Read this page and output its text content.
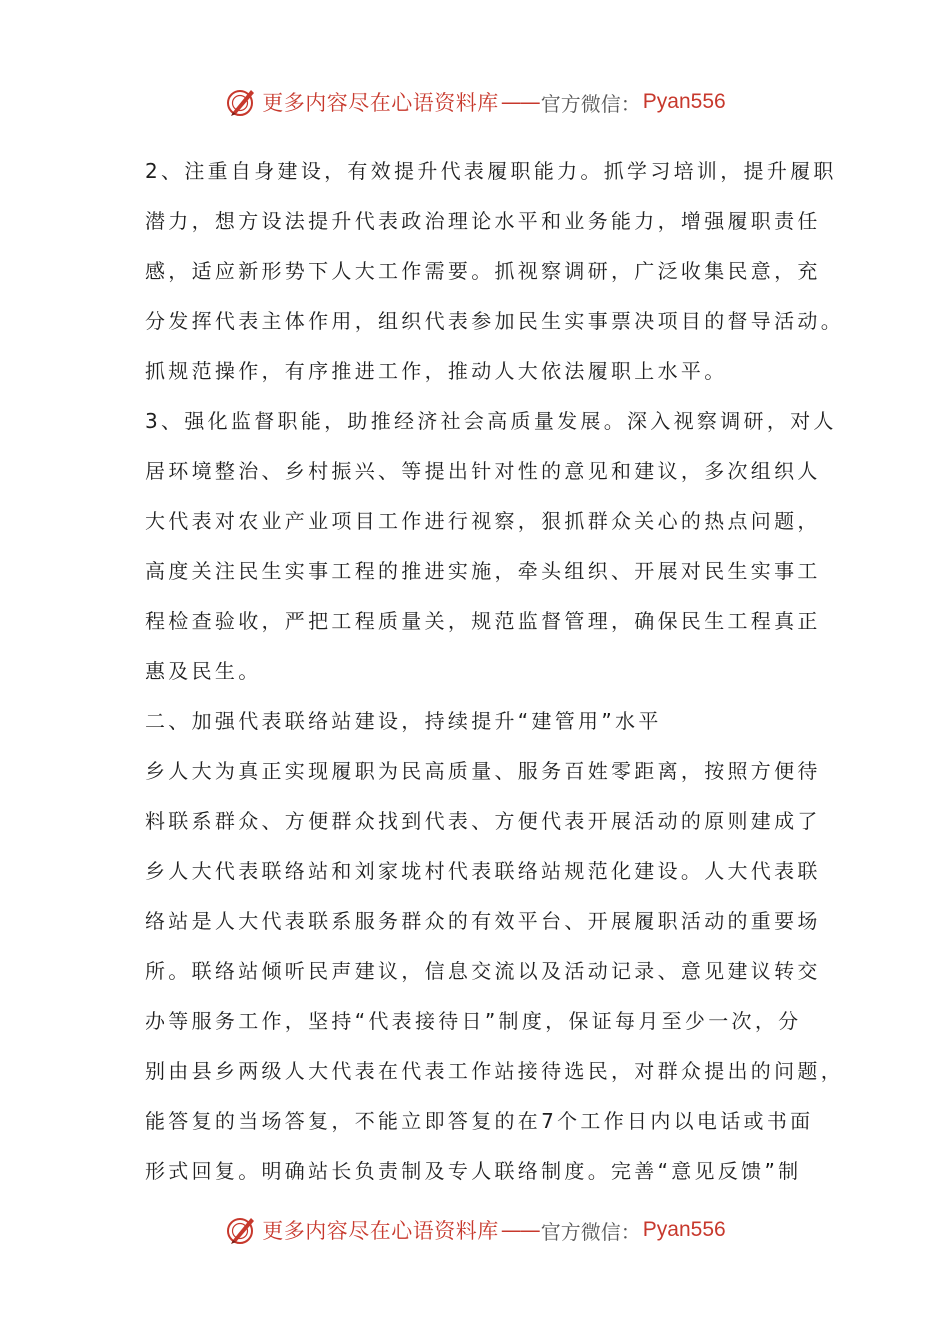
更多内容尽在心语资料库 —— 官方微信： Pyan556
2、注重自身建设，有效提升代表履职能力。抓学习培训，提升履职
潜力，想方设法提升代表政治理论水平和业务能力，增强履职责任
感，适应新形势下人大工作需要。抓视察调研，广泛收集民意，充
分发挥代表主体作用，组织代表参加民生实事票决项目的督导活动。
抓规范操作，有序推进工作，推动人大依法履职上水平。
3、强化监督职能，助推经济社会高质量发展。深入视察调研，对人
居环境整治、乡村振兴、等提出针对性的意见和建议，多次组织人
大代表对农业产业项目工作进行视察，狠抓群众关心的热点问题，
高度关注民生实事工程的推进实施，牵头组织、开展对民生实事工
程检查验收，严把工程质量关，规范监督管理，确保民生工程真正
惠及民生。
二、加强代表联络站建设，持续提升“建管用”水平
乡人大为真正实现履职为民高质量、服务百姓零距离，按照方便待
料联系群众、方便群众找到代表、方便代表开展活动的原则建成了
乡人大代表联络站和刘家垅村代表联络站规范化建设。人大代表联
络站是人大代表联系服务群众的有效平台、开展履职活动的重要场
所。联络站倾听民声建议，信息交流以及活动记录、意见建议转交
办等服务工作，坚持“代表接待日”制度，保证每月至少一次，分
别由县乡两级人大代表在代表工作站接待选民，对群众提出的问题，
能答复的当场答复，不能立即答复的在7个工作日内以电话或书面
形式回复。明确站长负责制及专人联络制度。完善“意见反馈”制
更多内容尽在心语资料库 —— 官方微信： Pyan556
